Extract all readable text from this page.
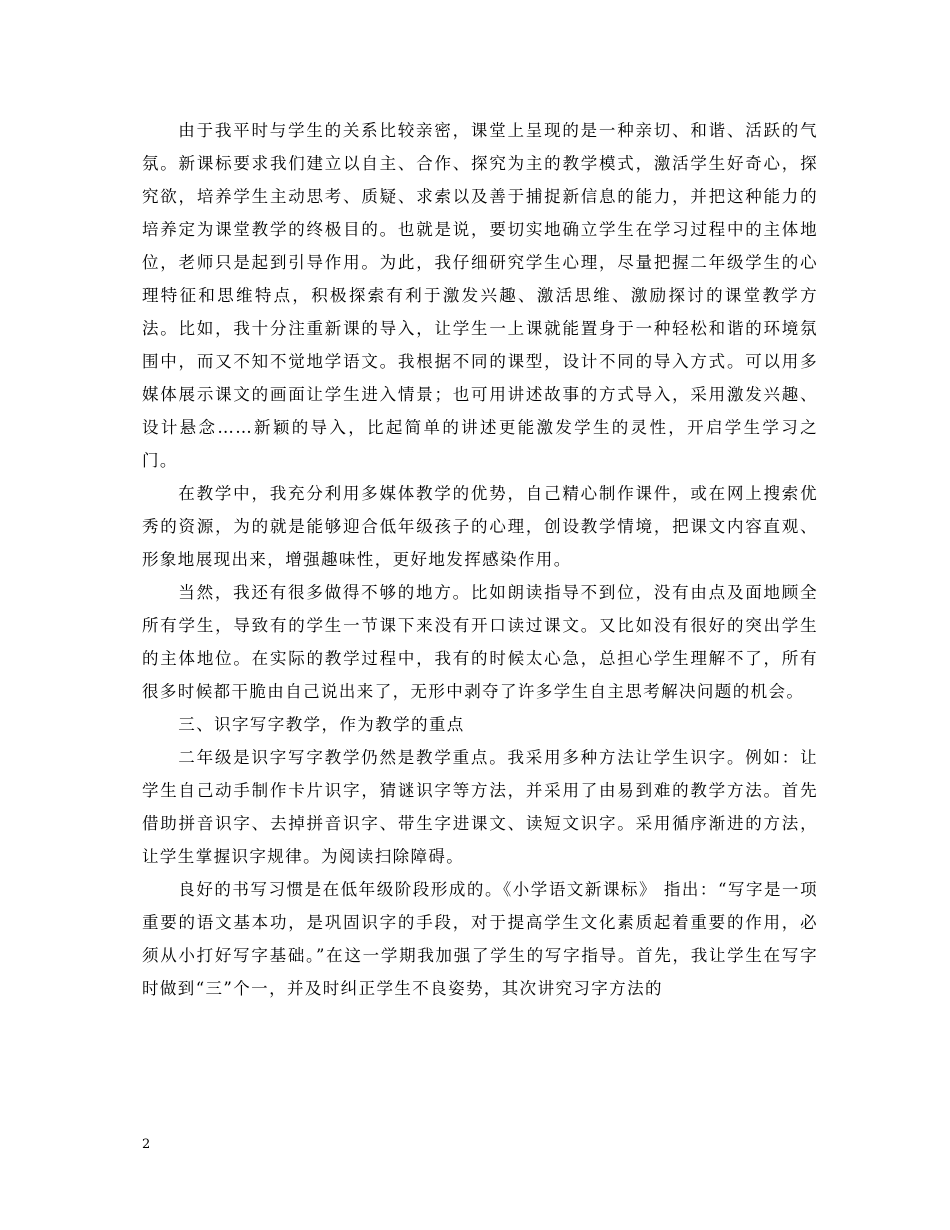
由于我平时与学生的关系比较亲密，课堂上呈现的是一种亲切、和谐、活跃的气氛。新课标要求我们建立以自主、合作、探究为主的教学模式，激活学生好奇心，探究欲，培养学生主动思考、质疑、求索以及善于捕捉新信息的能力，并把这种能力的培养定为课堂教学的终极目的。也就是说，要切实地确立学生在学习过程中的主体地位，老师只是起到引导作用。为此，我仔细研究学生心理，尽量把握二年级学生的心理特征和思维特点，积极探索有利于激发兴趣、激活思维、激励探讨的课堂教学方法。比如，我十分注重新课的导入，让学生一上课就能置身于一种轻松和谐的环境氛围中，而又不知不觉地学语文。我根据不同的课型，设计不同的导入方式。可以用多媒体展示课文的画面让学生进入情景；也可用讲述故事的方式导入，采用激发兴趣、设计悬念……新颖的导入，比起简单的讲述更能激发学生的灵性，开启学生学习之门。

在教学中，我充分利用多媒体教学的优势，自己精心制作课件，或在网上搜索优秀的资源，为的就是能够迎合低年级孩子的心理，创设教学情境，把课文内容直观、形象地展现出来，增强趣味性，更好地发挥感染作用。

当然，我还有很多做得不够的地方。比如朗读指导不到位，没有由点及面地顾全所有学生，导致有的学生一节课下来没有开口读过课文。又比如没有很好的突出学生的主体地位。在实际的教学过程中，我有的时候太心急，总担心学生理解不了，所有很多时候都干脆由自己说出来了，无形中剥夺了许多学生自主思考解决问题的机会。

三、识字写字教学，作为教学的重点

二年级是识字写字教学仍然是教学重点。我采用多种方法让学生识字。例如：让学生自己动手制作卡片识字，猜谜识字等方法，并采用了由易到难的教学方法。首先借助拼音识字、去掉拼音识字、带生字进课文、读短文识字。采用循序渐进的方法，让学生掌握识字规律。为阅读扫除障碍。

良好的书写习惯是在低年级阶段形成的。《小学语文新课标》 指出：“写字是一项重要的语文基本功，是巩固识字的手段，对于提高学生文化素质起着重要的作用，必须从小打好写字基础。”在这一学期我加强了学生的写字指导。首先，我让学生在写字时做到“三”个一，并及时纠正学生不良姿势，其次讲究习字方法的

2
